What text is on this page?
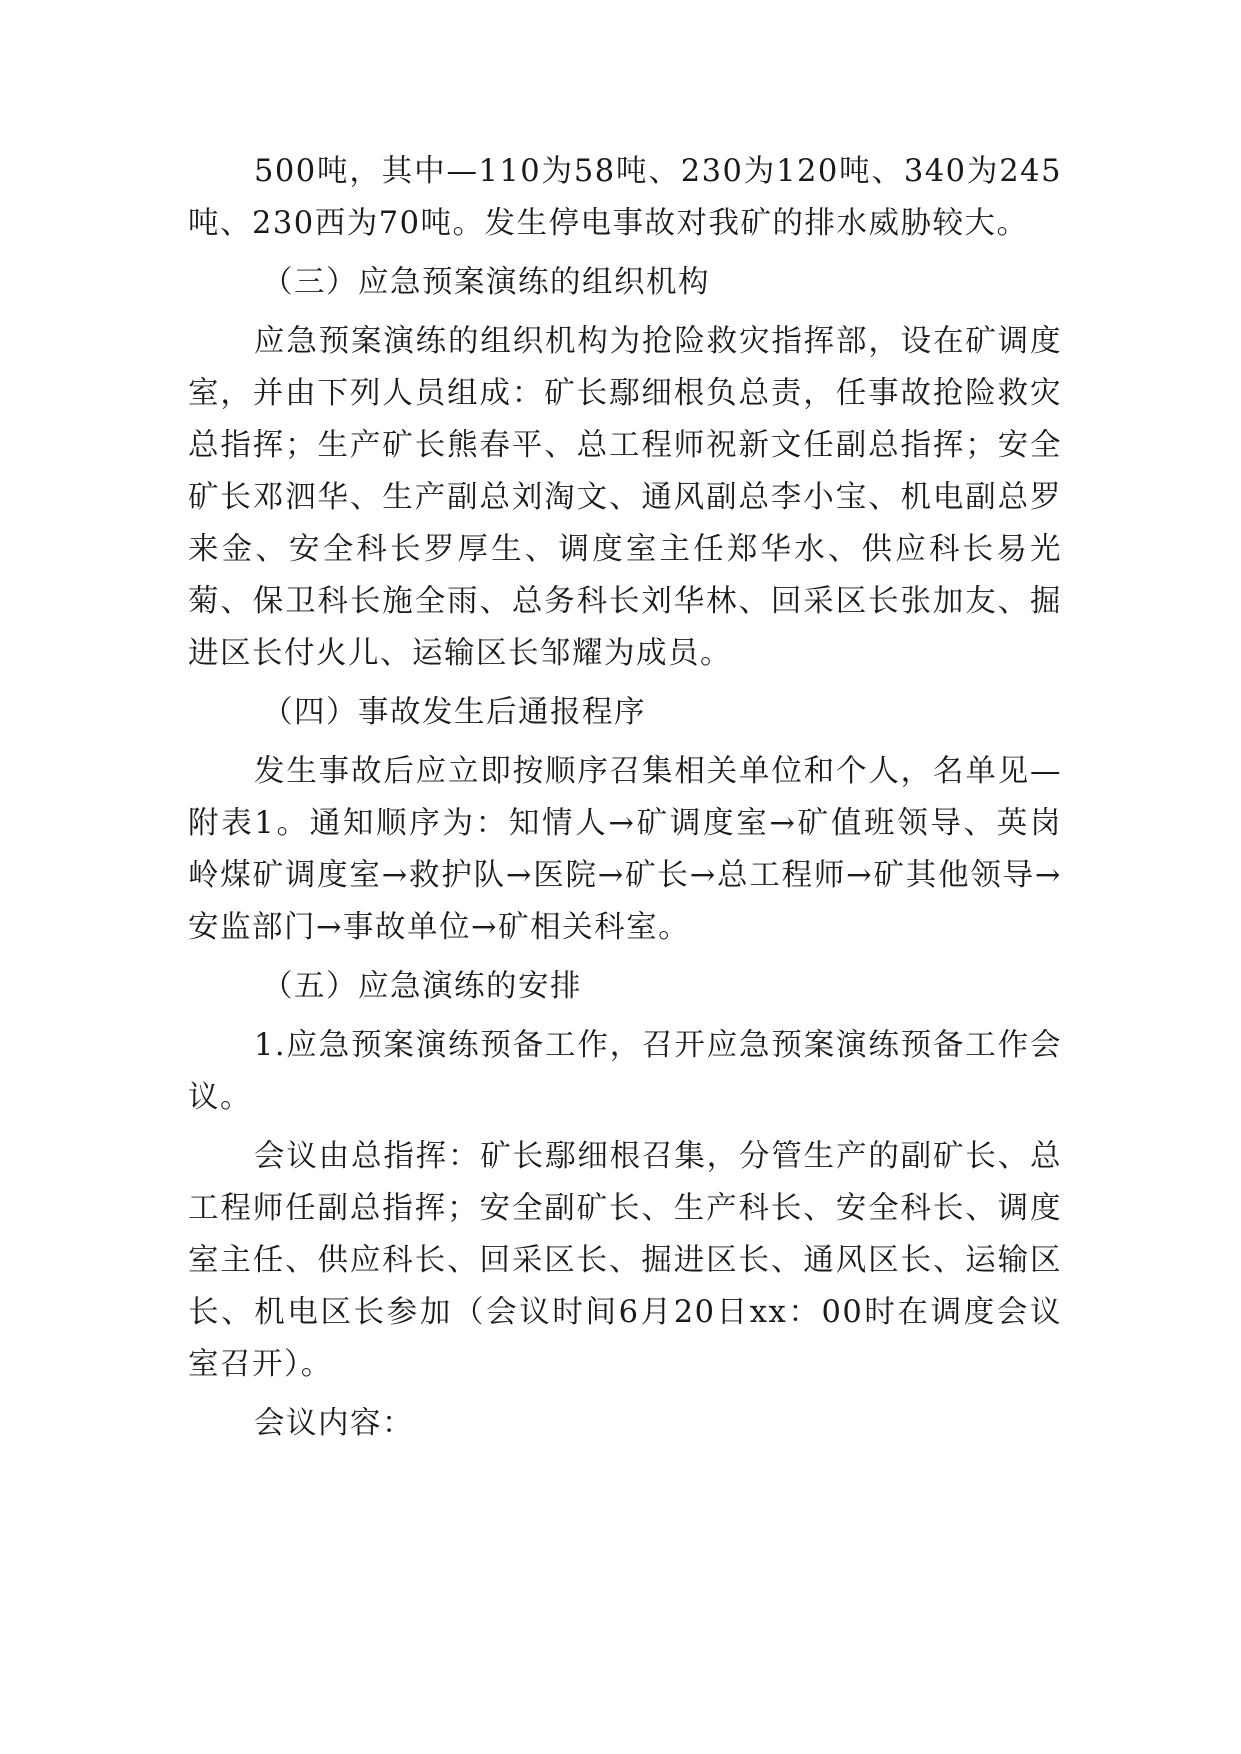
500吨，其中—110为58吨、230为120吨、340为245吨、230西为70吨。发生停电事故对我矿的排水威胁较大。

（三）应急预案演练的组织机构

应急预案演练的组织机构为抢险救灾指挥部，设在矿调度室，并由下列人员组成：矿长鄢细根负总责，任事故抢险救灾总指挥；生产矿长熊春平、总工程师祝新文任副总指挥；安全矿长邓泗华、生产副总刘淘文、通风副总李小宝、机电副总罗来金、安全科长罗厚生、调度室主任郑华水、供应科长易光菊、保卫科长施全雨、总务科长刘华林、回采区长张加友、掘进区长付火儿、运输区长邹耀为成员。

（四）事故发生后通报程序

发生事故后应立即按顺序召集相关单位和个人，名单见—附表1。通知顺序为：知情人→矿调度室→矿值班领导、英岗岭煤矿调度室→救护队→医院→矿长→总工程师→矿其他领导→安监部门→事故单位→矿相关科室。

（五）应急演练的安排

1.应急预案演练预备工作，召开应急预案演练预备工作会议。

会议由总指挥：矿长鄢细根召集，分管生产的副矿长、总工程师任副总指挥；安全副矿长、生产科长、安全科长、调度室主任、供应科长、回采区长、掘进区长、通风区长、运输区长、机电区长参加（会议时间6月20日xx：00时在调度会议室召开）。

会议内容：
